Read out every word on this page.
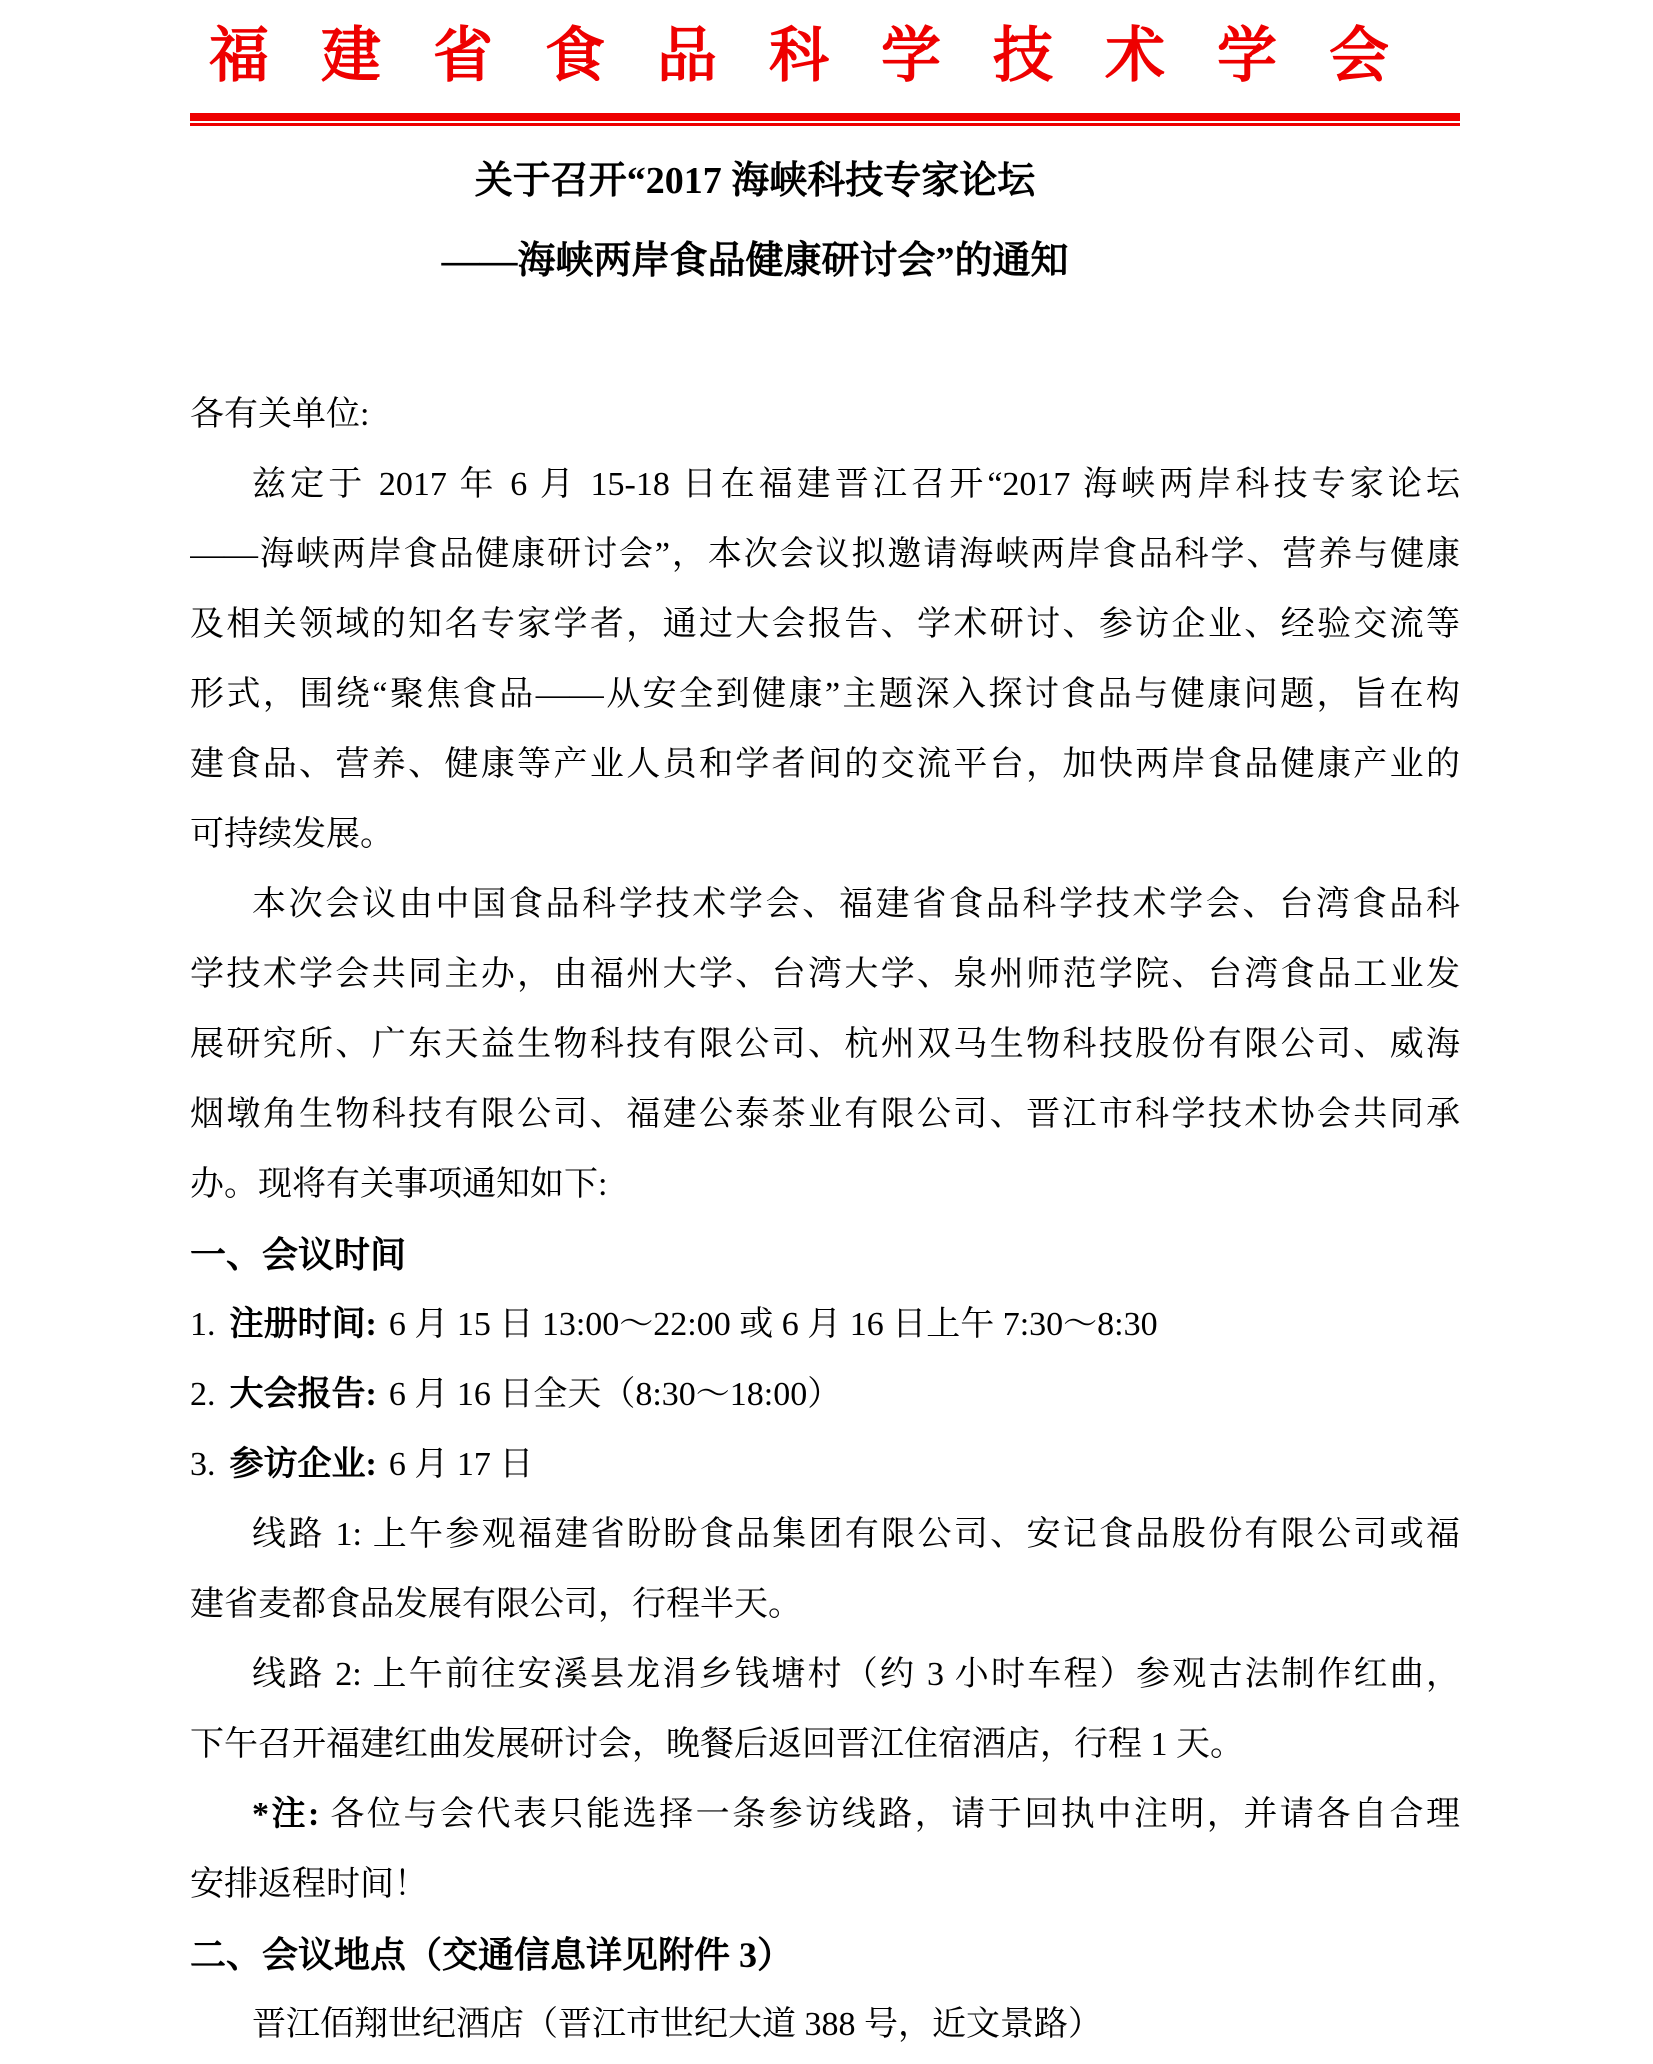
福建省食品科学技术学会
关于召开“2017 海峡科技专家论坛
——海峡两岸食品健康研讨会”的通知
各有关单位:
兹定于 2017 年 6 月 15-18 日在福建晋江召开“2017 海峡两岸科技专家论坛
——海峡两岸食品健康研讨会”，本次会议拟邀请海峡两岸食品科学、营养与健康
及相关领域的知名专家学者，通过大会报告、学术研讨、参访企业、经验交流等
形式，围绕“聚焦食品——从安全到健康”主题深入探讨食品与健康问题，旨在构
建食品、营养、健康等产业人员和学者间的交流平台，加快两岸食品健康产业的
可持续发展。
本次会议由中国食品科学技术学会、福建省食品科学技术学会、台湾食品科
学技术学会共同主办，由福州大学、台湾大学、泉州师范学院、台湾食品工业发
展研究所、广东天益生物科技有限公司、杭州双马生物科技股份有限公司、威海
烟墩角生物科技有限公司、福建公泰茶业有限公司、晋江市科学技术协会共同承
办。现将有关事项通知如下:
一、会议时间
1. 注册时间: 6 月 15 日 13:00～22:00 或 6 月 16 日上午 7:30～8:30
2. 大会报告: 6 月 16 日全天（8:30～18:00）
3. 参访企业: 6 月 17 日
线路 1: 上午参观福建省盼盼食品集团有限公司、安记食品股份有限公司或福
建省麦都食品发展有限公司，行程半天。
线路 2: 上午前往安溪县龙涓乡钱塘村（约 3 小时车程）参观古法制作红曲，
下午召开福建红曲发展研讨会，晚餐后返回晋江住宿酒店，行程 1 天。
*注: 各位与会代表只能选择一条参访线路，请于回执中注明，并请各自合理
安排返程时间！
二、会议地点（交通信息详见附件 3）
晋江佰翔世纪酒店（晋江市世纪大道 388 号，近文景路）
